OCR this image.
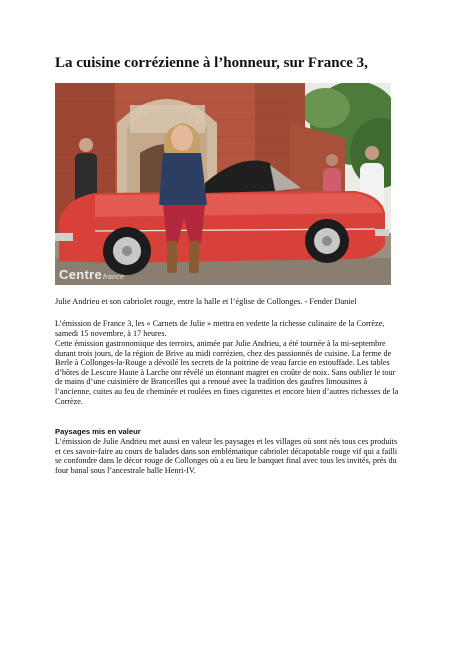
La cuisine corrézienne à l’honneur, sur France 3,
Centrefrance

Julie Andrieu et son cabriolet rouge, entre la halle et l’église de Collonges. - Fender Daniel

L’émission de France 3, les « Carnets de Julie » mettra en vedette la richesse culinaire de la Corrèze, samedi 15 novembre, à 17 heures.

Cette émission gastronomique des terroirs, animée par Julie Andrieu, a été tournée à la mi-septembre durant trois jours, de la région de Brive au midi corrézien, chez des passionnés de cuisine. La ferme de Berle à Collonges-la-Rouge a dévoilé les secrets de la poitrine de veau farcie en estouffade. Les tables d’hôtes de Lescure Haute à Larche ont révélé un étonnant magret en croûte de noix. Sans oublier le tour de mains d’une cuisinière de Branceilles qui a renoué avec la tradition des gaufres limousines à l’ancienne, cuites au feu de cheminée et roulées en fines cigarettes et encore bien d’autres richesses de la Corrèze.

Paysages mis en valeur

L’émission de Julie Andrieu met aussi en valeur les paysages et les villages où sont nés tous ces produits et ces savoir-faire au cours de balades dans son emblématique cabriolet décapotable rouge vif qui a failli se confondre dans le décor rouge de Collonges où a eu lieu le banquet final avec tous les invités, près du four banal sous l’ancestrale halle Henri-IV.
